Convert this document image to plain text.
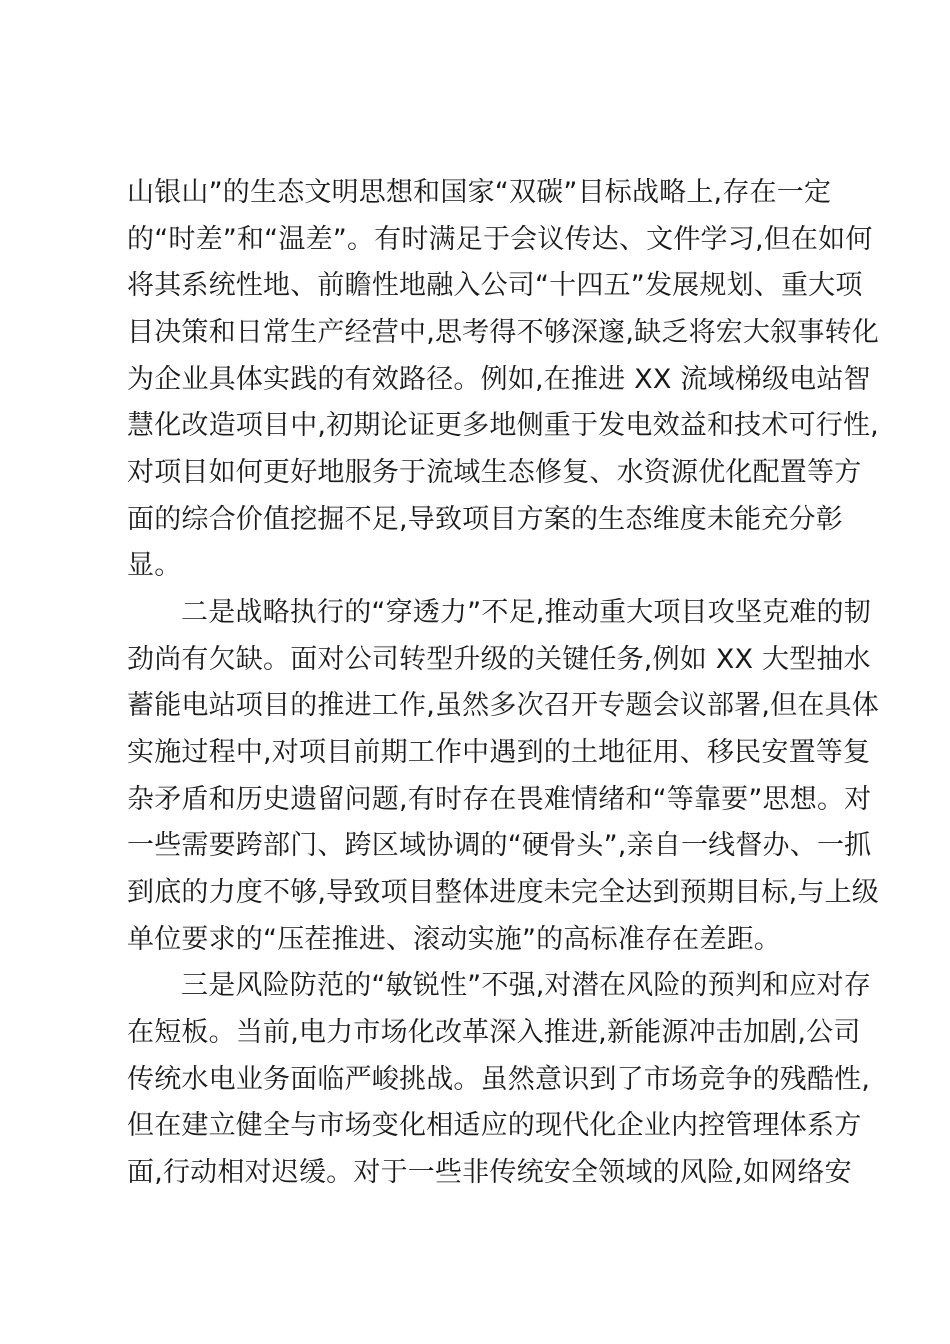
山银山”的生态文明思想和国家“双碳”目标战略上,存在一定
的“时差”和“温差”。有时满足于会议传达、文件学习,但在如何
将其系统性地、前瞻性地融入公司“十四五”发展规划、重大项
目决策和日常生产经营中,思考得不够深邃,缺乏将宏大叙事转化
为企业具体实践的有效路径。例如,在推进 XX 流域梯级电站智
慧化改造项目中,初期论证更多地侧重于发电效益和技术可行性,
对项目如何更好地服务于流域生态修复、水资源优化配置等方
面的综合价值挖掘不足,导致项目方案的生态维度未能充分彰
显。
二是战略执行的“穿透力”不足,推动重大项目攻坚克难的韧
劲尚有欠缺。面对公司转型升级的关键任务,例如 XX 大型抽水
蓄能电站项目的推进工作,虽然多次召开专题会议部署,但在具体
实施过程中,对项目前期工作中遇到的土地征用、移民安置等复
杂矛盾和历史遗留问题,有时存在畏难情绪和“等靠要”思想。对
一些需要跨部门、跨区域协调的“硬骨头”,亲自一线督办、一抓
到底的力度不够,导致项目整体进度未完全达到预期目标,与上级
单位要求的“压茬推进、滚动实施”的高标准存在差距。
三是风险防范的“敏锐性”不强,对潜在风险的预判和应对存
在短板。当前,电力市场化改革深入推进,新能源冲击加剧,公司
传统水电业务面临严峻挑战。虽然意识到了市场竞争的残酷性,
但在建立健全与市场变化相适应的现代化企业内控管理体系方
面,行动相对迟缓。对于一些非传统安全领域的风险,如网络安
